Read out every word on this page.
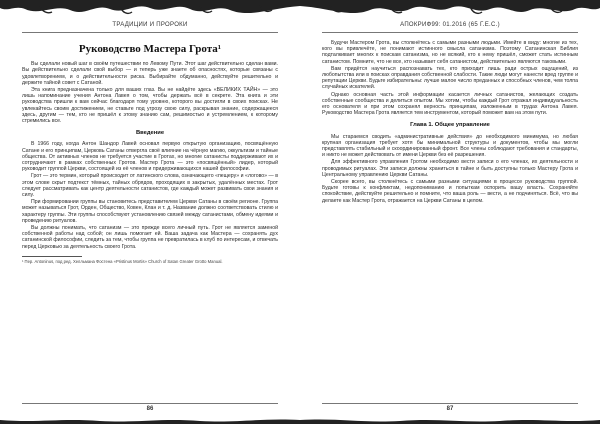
ТРАДИЦИИ И ПРОРОКИ
Руководство Мастера Грота¹

Вы сделали новый шаг в своём путешествии по Левому Пути. Этот шаг действительно сделан вами. Вы действительно сделали свой выбор — и теперь уже знаете об опасностях, которые связаны с удовлетворением, и о действительности риска. Выбирайте обдуманно, действуйте решительно и держите тайной совет с Сатаной.

Эта книга предназначена только для ваших глаз. Вы не найдёте здесь «ВЕЛИКИХ ТАЙН» — это лишь напоминание учения Антона Лавея о том, чтобы держать всё в секрете. Эта книга и эти руководства пришли к вам сейчас благодаря тому уровню, которого вы достигли в своих поисках. Не увлекайтесь своим достижением, не ставьте под угрозу свою силу, раскрывая знание, содержащееся здесь, другим — тем, кто не пришёл к этому знанию сам, решимостью и устремлением, к которому стремились все.

Введение

В 1966 году, когда Антон Шандор Лавей основал первую открытую организацию, посвящённую Сатане и его принципам, Церковь Сатаны отвергла своё влияние на чёрную магию, оккультизм и тайные общества. От активных членов не требуется участие в Гротах, но многие сатанисты поддерживают их и сотрудничают в рамках собственных Гротов. Мастер Грота — это «посвящённый» лидер, который руководит группой Церкви, состоящей из её членов и придерживающихся нашей философии.

Грот — это термин, который происходит от латинского слова, означающего «пещеру» и «логово» — в этом слове скрыт подтекст тёмных, тайных обрядов, проходящих в закрытых, удалённых местах. Грот следует рассматривать как центр деятельности сатанистов, где каждый может развивать свои знания и силу.

При формировании группы вы становитесь представителем Церкви Сатаны в своём регионе. Группа может называться Грот, Орден, Общество, Ковен, Клан и т. д. Название должно соответствовать стилю и характеру группы. Эти группы способствуют установлению связей между сатанистами, обмену идеями и проведению ритуалов.

Вы должны понимать, что сатанизм — это прежде всего личный путь. Грот не является заменой собственной работы над собой; он лишь помогает ей. Ваша задача как Мастера — сохранять дух сатанинской философии, следить за тем, чтобы группа не превратилась в клуб по интересам, и отвечать перед Церковью за деятельность своего Грота.

¹ Пер. Antoninus, под ред. Хелльмана Фостена «Pristinus Mortis» Church of Satan Greater Grotto Manual.
86
АПОКРИФ99: 01.2016 (65 Г.Е.С.)

Будучи Мастером Грота, вы столкнётесь с самыми разными людьми. Имейте в виду: многие из тех, кого вы привлечёте, не понимают истинного смысла сатанизма. Поэтому Сатанинская Библия подталкивает многих к поискам сатанизма, но не всякий, кто к нему пришёл, сможет стать истинным сатанистом. Помните, что не все, кто называет себя сатанистом, действительно являются таковыми.

Вам придётся научиться распознавать тех, кто приходит лишь ради острых ощущений, из любопытства или в поисках оправдания собственной слабости. Такие люди могут нанести вред группе и репутации Церкви. Будьте избирательны: лучше малое число преданных и способных членов, чем толпа случайных искателей.

Однако основная часть этой информации касается личных сатанистов, желающих создать собственные сообщества и делиться опытом. Мы хотим, чтобы каждый Грот отражал индивидуальность его основателя и при этом сохранял верность принципам, изложенным в трудах Антона Лавея. Руководство Мастера Грота является тем инструментом, который поможет вам на этом пути.

Глава 1. Общее управление

Мы стараемся сводить «административные действия» до необходимого минимума, но любая крупная организация требует хотя бы минимальной структуры и документов, чтобы мы могли представлять стабильный и скоординированный фронт. Все члены соблюдают требования и стандарты, и никто не может действовать от имени Церкви без её разрешения.

Для эффективного управления Гротом необходимо вести записи о его членах, их деятельности и проводимых ритуалах. Эти записи должны храниться в тайне и быть доступны только Мастеру Грота и Центральному управлению Церкви Сатаны.

Скорее всего, вы столкнётесь с самыми разными ситуациями в процессе руководства группой. Будьте готовы к конфликтам, недопониманию и попыткам оспорить вашу власть. Сохраняйте спокойствие, действуйте решительно и помните, что ваша роль — вести, а не подчиняться. Всё, что вы делаете как Мастер Грота, отражается на Церкви Сатаны в целом.

87
